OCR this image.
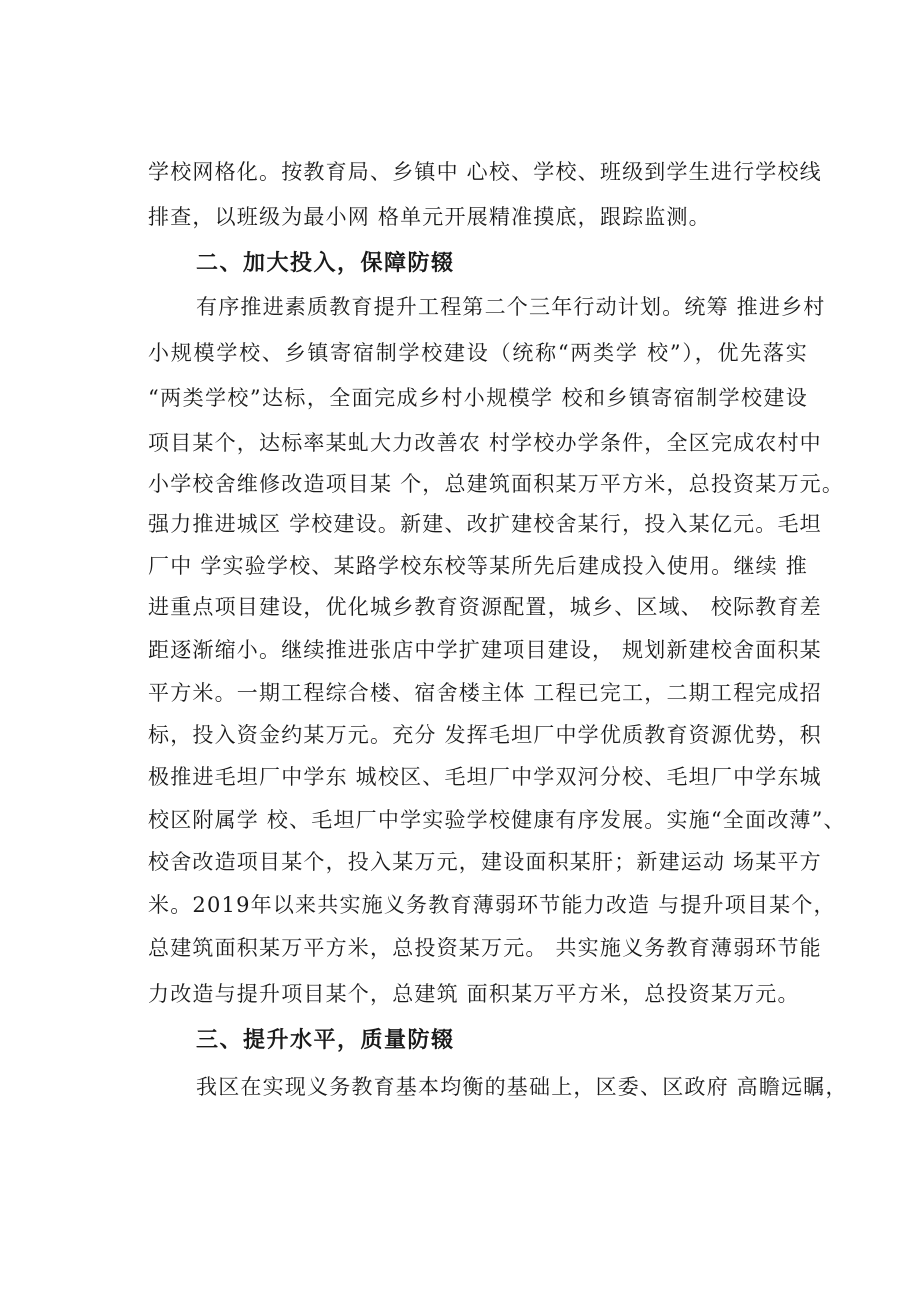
学校网格化。按教育局、乡镇中 心校、学校、班级到学生进行学校线
排查，以班级为最小网 格单元开展精准摸底，跟踪监测。
二、加大投入，保障防辍
有序推进素质教育提升工程第二个三年行动计划。统筹 推进乡村
小规模学校、乡镇寄宿制学校建设（统称“两类学 校”），优先落实
“两类学校”达标，全面完成乡村小规模学 校和乡镇寄宿制学校建设
项目某个，达标率某虬大力改善农 村学校办学条件，全区完成农村中
小学校舍维修改造项目某 个，总建筑面积某万平方米，总投资某万元。
强力推进城区 学校建设。新建、改扩建校舍某行，投入某亿元。毛坦
厂中 学实验学校、某路学校东校等某所先后建成投入使用。继续 推
进重点项目建设，优化城乡教育资源配置，城乡、区域、 校际教育差
距逐渐缩小。继续推进张店中学扩建项目建设， 规划新建校舍面积某
平方米。一期工程综合楼、宿舍楼主体 工程已完工，二期工程完成招
标，投入资金约某万元。充分 发挥毛坦厂中学优质教育资源优势，积
极推进毛坦厂中学东 城校区、毛坦厂中学双河分校、毛坦厂中学东城
校区附属学 校、毛坦厂中学实验学校健康有序发展。实施“全面改薄”、
校舍改造项目某个，投入某万元，建设面积某肝；新建运动 场某平方
米。2019年以来共实施义务教育薄弱环节能力改造 与提升项目某个，
总建筑面积某万平方米，总投资某万元。 共实施义务教育薄弱环节能
力改造与提升项目某个，总建筑 面积某万平方米，总投资某万元。
三、提升水平，质量防辍
我区在实现义务教育基本均衡的基础上，区委、区政府 高瞻远瞩，
